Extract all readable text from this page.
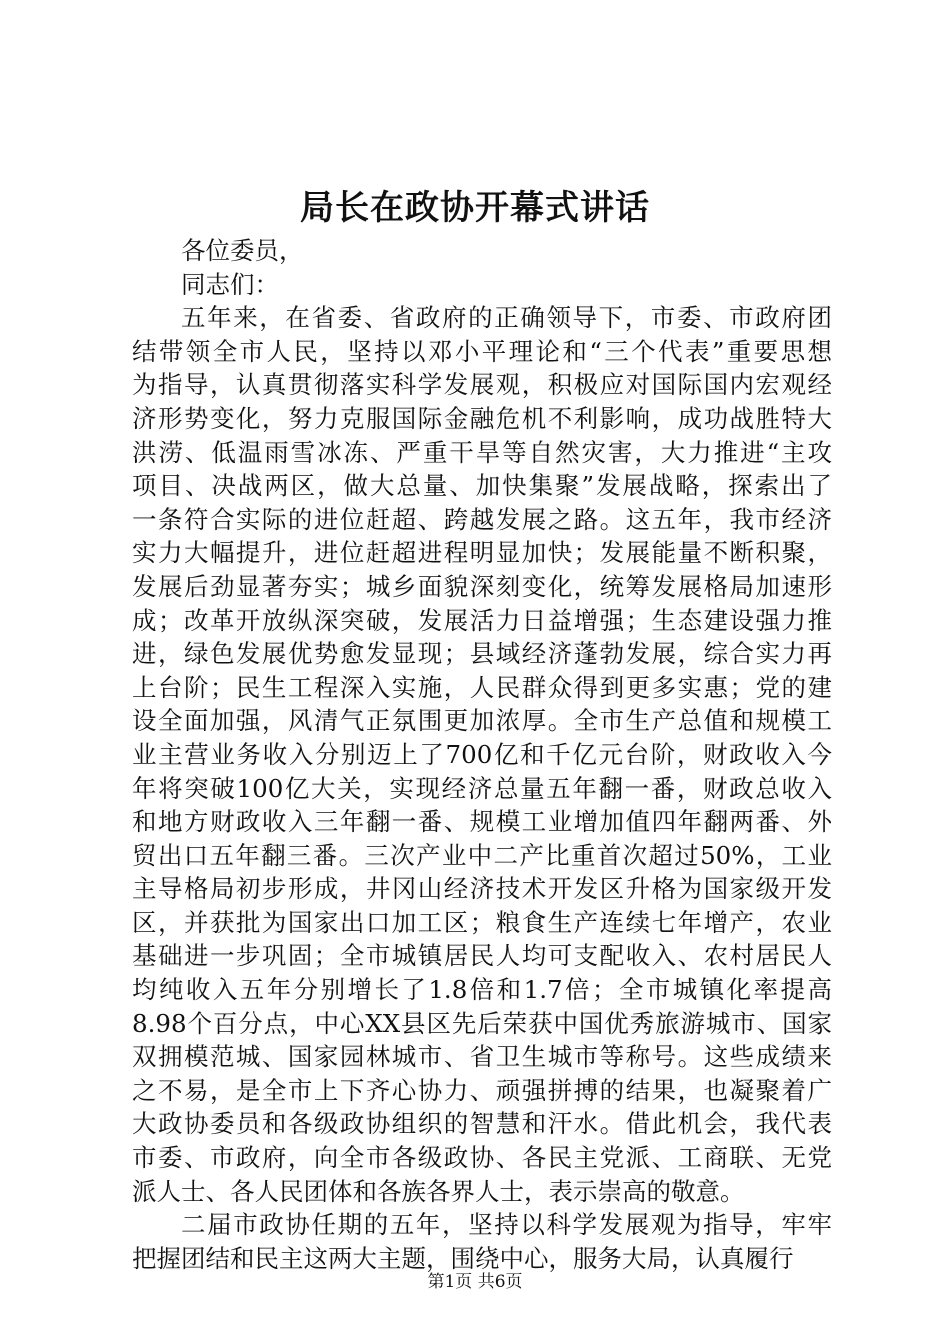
局长在政协开幕式讲话
各位委员，
同志们：
五年来，在省委、省政府的正确领导下，市委、市政府团
结带领全市人民，坚持以邓小平理论和“三个代表”重要思想
为指导，认真贯彻落实科学发展观，积极应对国际国内宏观经
济形势变化，努力克服国际金融危机不利影响，成功战胜特大
洪涝、低温雨雪冰冻、严重干旱等自然灾害，大力推进“主攻
项目、决战两区，做大总量、加快集聚”发展战略，探索出了
一条符合实际的进位赶超、跨越发展之路。这五年，我市经济
实力大幅提升，进位赶超进程明显加快；发展能量不断积聚，
发展后劲显著夯实；城乡面貌深刻变化，统筹发展格局加速形
成；改革开放纵深突破，发展活力日益增强；生态建设强力推
进，绿色发展优势愈发显现；县域经济蓬勃发展，综合实力再
上台阶；民生工程深入实施，人民群众得到更多实惠；党的建
设全面加强，风清气正氛围更加浓厚。全市生产总值和规模工
业主营业务收入分别迈上了700亿和千亿元台阶，财政收入今
年将突破100亿大关，实现经济总量五年翻一番，财政总收入
和地方财政收入三年翻一番、规模工业增加值四年翻两番、外
贸出口五年翻三番。三次产业中二产比重首次超过50%，工业
主导格局初步形成，井冈山经济技术开发区升格为国家级开发
区，并获批为国家出口加工区；粮食生产连续七年增产，农业
基础进一步巩固；全市城镇居民人均可支配收入、农村居民人
均纯收入五年分别增长了1.8倍和1.7倍；全市城镇化率提高
8.98个百分点，中心XX县区先后荣获中国优秀旅游城市、国家
双拥模范城、国家园林城市、省卫生城市等称号。这些成绩来
之不易，是全市上下齐心协力、顽强拼搏的结果，也凝聚着广
大政协委员和各级政协组织的智慧和汗水。借此机会，我代表
市委、市政府，向全市各级政协、各民主党派、工商联、无党
派人士、各人民团体和各族各界人士，表示崇高的敬意。
二届市政协任期的五年，坚持以科学发展观为指导，牢牢
把握团结和民主这两大主题，围绕中心，服务大局，认真履行
第1页 共6页
